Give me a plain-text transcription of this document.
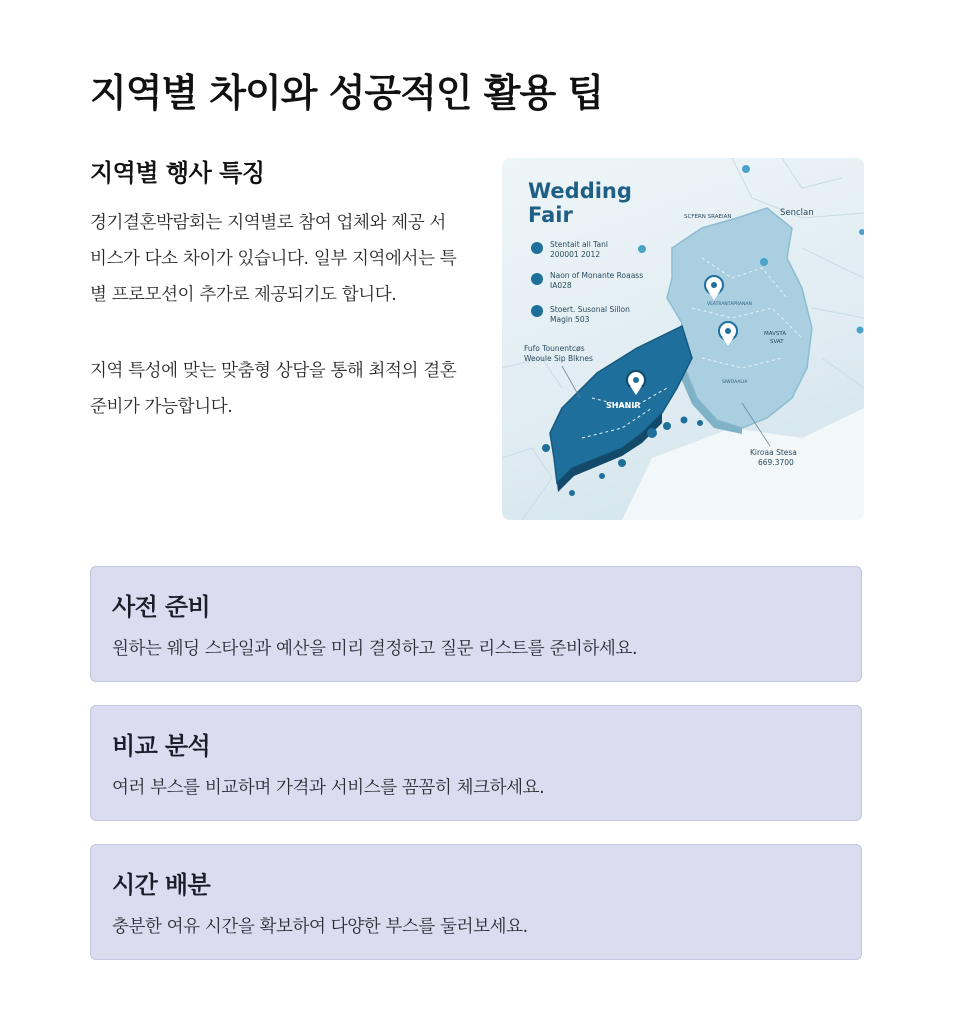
지역별 차이와 성공적인 활용 팁
지역별 행사 특징

경기결혼박람회는 지역별로 참여 업체와 제공 서비스가 다소 차이가 있습니다. 일부 지역에서는 특별 프로모션이 추가로 제공되기도 합니다.

지역 특성에 맞는 맞춤형 상담을 통해 최적의 결혼 준비가 가능합니다.

Wedding
Fair
Stentait all Tanl
200001 2012
Naon of Monante Roaass
IA028
Stoert. Susonal Sillon
Magin 503
Fufo Tounentcøs
Weoule Sip Blknes
Kiroaa Stesa
669.3700
Senclan
SCFERN SRAEIAN
MAVSTA
SVAT
VEATRANTAPRANAN
SIWOAALIA
SHANIR
사전 준비

원하는 웨딩 스타일과 예산을 미리 결정하고 질문 리스트를 준비하세요.

비교 분석

여러 부스를 비교하며 가격과 서비스를 꼼꼼히 체크하세요.

시간 배분

충분한 여유 시간을 확보하여 다양한 부스를 둘러보세요.
